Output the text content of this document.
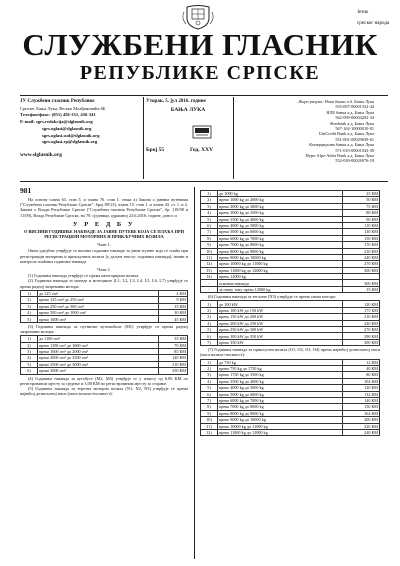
СЛУЖБЕНИ ГЛАСНИК
РЕПУБЛИКЕ СРПСКЕ
Језик
српског народа
ЈУ Службени гласник Републике
Српске, Бања Лука, Вељка Млађеновића 6Б
Телефон/факс: (051) 456-331, 456-341
E-mail: sgrs.redakcija@slglasnik.org
sgrs.oglasi@slglasnik.org
sgrs.oglasi.sud@slglasnik.org
sgrs.oglasi.rp@slglasnik.org
www.slglasnik.org
Уторак, 5. јул 2016. године
БАЊА ЛУКА
Број 55	Год. XXV
Жиро рачуни: Нова банка а.д. Бања Лука
555-007-00001332-44
НЛБ банка а.д. Бања Лука
562-099-00004292-34
Sberbank а.д. Бања Лука
567-162-10000010-81
UniCredit Bank а.д. Бања Лука
551-001-00029639-61
Комерцијална банка а.д. Бања Лука
571-010-00001043-39
Hypo-Alpe-Adria Bank а.д. Бања Лука
552-030-00026976-18
981

На основу члана 63. став 5, и члана 76. став 1. тачка а) Закона о јавним путевима ("Службени гласник Републике Српске", број 89/13), члана 15. став 1. и члана 43. ст. 1. и 2. Закона о Влади Републике Српске ("Службени гласник Републике Српске", бр. 118/08 и 11/09), Влада Републике Српске, на 79. сједници, одржаној 23.6.2016. године, донос и

У Р Е Д Б У
О ВИСИНИ ГОДИШЊЕ НАКНАДЕ ЗА ЈАВНЕ ПУТЕВЕ КОЈА СЕ ПЛАЋА ПРИ РЕГИСТРАЦИЈИ МОТОРНИХ И ПРИКЉУЧНИХ ВОЗИЛА
Члан 1.

Овом уредбом утврђује се висина годишње накнаде за јавне путеве која се плаћа при регистрацији моторних и прикључних возила (у даљем тексту: годишња накнада), начин и контрола плаћања годишње накнаде.

Члан 2.

(1) Годишња накнада утврђује се према категоријама возила.

(2) Годишња накнада за мопеде и мотоцикле (L1, L2, L3, L4, L5, L6, L7) утврђује се према радној запремини мотора:

1)	до 125 cm³	4 КМ
2)	преко 125 cm³ до 250 cm³	9 КМ
3)	преко 250 cm³ до 500 cm³	15 КМ
4)	преко 500 cm³ до 1000 cm³	30 КМ
5)	преко 1000 cm³	45 КМ

(3) Годишња накнада за путничке аутомобиле (М1) утврђује се према радној запремини мотора:

1)	до 1100 cm³	35 КМ
2)	преко 1100 cm³ до 1600 cm³	70 КМ
3)	преко 1600 cm³ до 2000 cm³	85 КМ
4)	преко 2000 cm³ до 2500 cm³	140 КМ
5)	преко 2500 cm³ до 3000 cm³	210 КМ
6)	преко 3000 cm³	350 КМ

(4) Годишња накнада за аутобусе (М2, М3) утврђује се у износу од 6,00 КМ по регистрованом мјесту за сједење и 3,00 КМ по регистрованом мјесту за стајање.

(5) Годишња накнада за теретна моторна возила (N1, N2, N3) утврђује се према највећој дозвољеној маси (маса возила+носивост):

1)	до 1000 kg	25 КМ
2)	преко 1000 kg до 2000 kg	50 КМ
3)	преко 2000 kg до 3000 kg	75 КМ
4)	преко 3000 kg до 3500 kg	88 КМ
5)	преко 3500 kg до 4000 kg	90 КМ
6)	преко 4000 kg до 5000 kg	110 КМ
7)	преко 5000 kg до 6000 kg	130 КМ
8)	преко 6000 kg до 7000 kg	150 КМ
9)	преко 7000 kg до 8000 kg	170 КМ
10)	преко 8000 kg до 9000 kg	210 КМ
11)	преко 9000 kg до 10000 kg	240 КМ
12)	преко 10000 kg до 11000 kg	270 КМ
13)	преко 11000 kg до 12000 kg	300 КМ
14)	преко 12000 kg	
-	основна накнада	300 КМ
-	за сваку тону преко 12000 kg	15 КМ

(6) Годишња накнада за тегљаче (N3) утврђује се према снази мотора:

1)	до 100 kW	120 КМ
2)	преко 100 kW до 150 kW	175 КМ
3)	преко 150 kW до 200 kW	210 КМ
4)	преко 200 kW до 250 kW	240 КМ
5)	преко 250 kW до 300 kW	270 КМ
6)	преко 300 kW до 350 kW	290 КМ
7)	преко 350 kW	300 КМ

(7) Годишња накнада за прикључна возила (О1, О2, О3, О4) према највећој дозвољеној маси (маса возила+носивост):

1)	до 750 kg	12 КМ
2)	преко 750 kg до 1750 kg	40 КМ
3)	преко 1750 kg до 3500 kg	80 КМ
4)	преко 3500 kg до 4000 kg	104 КМ
5)	преко 4000 kg до 5000 kg	120 КМ
6)	преко 5000 kg до 6000 kg	132 КМ
7)	преко 6000 kg до 7000 kg	140 КМ
8)	преко 7000 kg до 8000 kg	150 КМ
9)	преко 8000 kg до 9000 kg	164 КМ
10)	преко 9000 kg до 10000 kg	200 КМ
11)	преко 10000 kg до 11000 kg	220 КМ
12)	преко 11000 kg до 12000 kg	240 КМ
